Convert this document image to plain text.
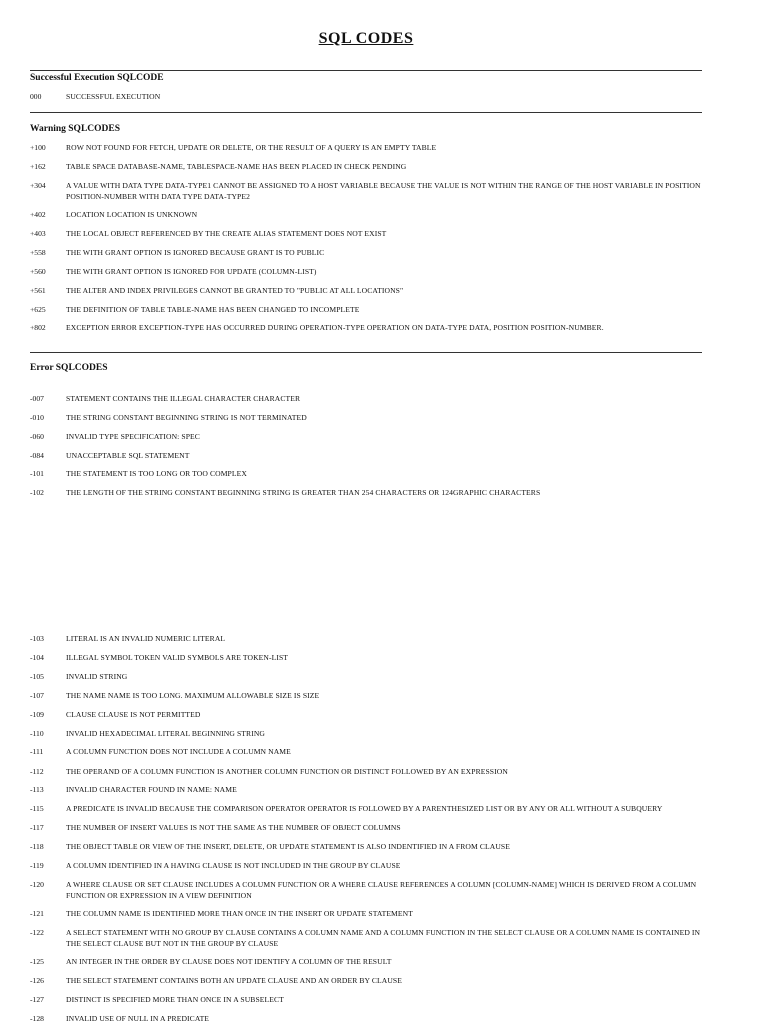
SQL CODES
Successful Execution SQLCODE
000	SUCCESSFUL EXECUTION
Warning SQLCODES
+100	ROW NOT FOUND FOR FETCH, UPDATE OR DELETE, OR THE RESULT OF A QUERY IS AN EMPTY TABLE
+162	TABLE SPACE DATABASE-NAME, TABLESPACE-NAME HAS BEEN PLACED IN CHECK PENDING
+304	A VALUE WITH DATA TYPE DATA-TYPE1 CANNOT BE ASSIGNED TO A HOST VARIABLE BECAUSE THE VALUE IS NOT WITHIN THE RANGE OF THE HOST VARIABLE IN POSITION POSITION-NUMBER WITH DATA TYPE DATA-TYPE2
+402	LOCATION LOCATION IS UNKNOWN
+403	THE LOCAL OBJECT REFERENCED BY THE CREATE ALIAS STATEMENT DOES NOT EXIST
+558	THE WITH GRANT OPTION IS IGNORED BECAUSE GRANT IS TO PUBLIC
+560	THE WITH GRANT OPTION IS IGNORED FOR UPDATE (COLUMN-LIST)
+561	THE ALTER AND INDEX PRIVILEGES CANNOT BE GRANTED TO "PUBLIC AT ALL LOCATIONS"
+625	THE DEFINITION OF TABLE TABLE-NAME HAS BEEN CHANGED TO INCOMPLETE
+802	EXCEPTION ERROR EXCEPTION-TYPE HAS OCCURRED DURING OPERATION-TYPE OPERATION ON DATA-TYPE DATA, POSITION POSITION-NUMBER.
Error SQLCODES
-007	STATEMENT CONTAINS THE ILLEGAL CHARACTER CHARACTER
-010	THE STRING CONSTANT BEGINNING STRING IS NOT TERMINATED
-060	INVALID TYPE SPECIFICATION: SPEC
-084	UNACCEPTABLE SQL STATEMENT
-101	THE STATEMENT IS TOO LONG OR TOO COMPLEX
-102	THE LENGTH OF THE STRING CONSTANT BEGINNING STRING IS GREATER THAN 254 CHARACTERS OR 124GRAPHIC CHARACTERS
-103	LITERAL IS AN INVALID NUMERIC LITERAL
-104	ILLEGAL SYMBOL TOKEN VALID SYMBOLS ARE TOKEN-LIST
-105	INVALID STRING
-107	THE NAME NAME IS TOO LONG. MAXIMUM ALLOWABLE SIZE IS SIZE
-109	CLAUSE CLAUSE IS NOT PERMITTED
-110	INVALID HEXADECIMAL LITERAL BEGINNING STRING
-111	A COLUMN FUNCTION DOES NOT INCLUDE A COLUMN NAME
-112	THE OPERAND OF A COLUMN FUNCTION IS ANOTHER COLUMN FUNCTION OR DISTINCT FOLLOWED BY AN EXPRESSION
-113	INVALID CHARACTER FOUND IN NAME: NAME
-115	A PREDICATE IS INVALID BECAUSE THE COMPARISON OPERATOR OPERATOR IS FOLLOWED BY A PARENTHESIZED LIST OR BY ANY OR ALL WITHOUT A SUBQUERY
-117	THE NUMBER OF INSERT VALUES IS NOT THE SAME AS THE NUMBER OF OBJECT COLUMNS
-118	THE OBJECT TABLE OR VIEW OF THE INSERT, DELETE, OR UPDATE STATEMENT IS ALSO INDENTIFIED IN A FROM CLAUSE
-119	A COLUMN IDENTIFIED IN A HAVING CLAUSE IS NOT INCLUDED IN THE GROUP BY CLAUSE
-120	A WHERE CLAUSE OR SET CLAUSE INCLUDES A COLUMN FUNCTION OR A WHERE CLAUSE REFERENCES A COLUMN [COLUMN-NAME] WHICH IS DERIVED FROM A COLUMN FUNCTION OR EXPRESSION IN A VIEW DEFINITION
-121	THE COLUMN NAME IS IDENTIFIED MORE THAN ONCE IN THE INSERT OR UPDATE STATEMENT
-122	A SELECT STATEMENT WITH NO GROUP BY CLAUSE CONTAINS A COLUMN NAME AND A COLUMN FUNCTION IN THE SELECT CLAUSE OR A COLUMN NAME IS CONTAINED IN THE SELECT CLAUSE BUT NOT IN THE GROUP BY CLAUSE
-125	AN INTEGER IN THE ORDER BY CLAUSE DOES NOT IDENTIFY A COLUMN OF THE RESULT
-126	THE SELECT STATEMENT CONTAINS BOTH AN UPDATE CLAUSE AND AN ORDER BY CLAUSE
-127	DISTINCT IS SPECIFIED MORE THAN ONCE IN A SUBSELECT
-128	INVALID USE OF NULL IN A PREDICATE
